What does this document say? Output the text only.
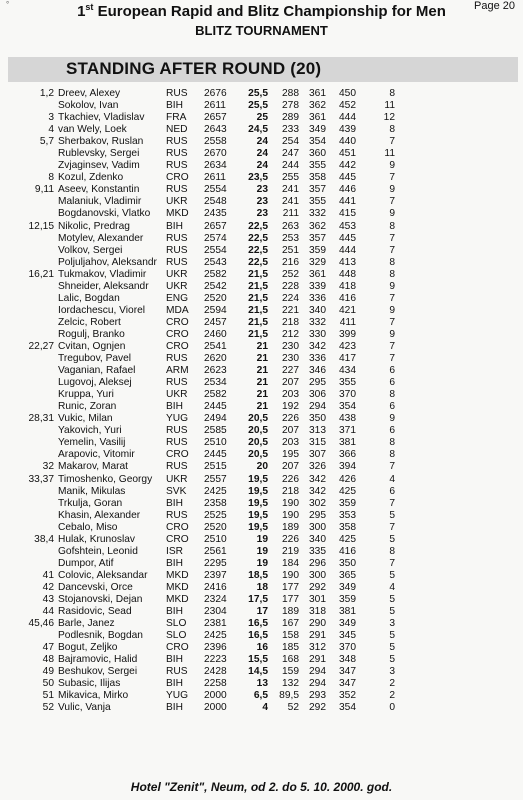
°	1st European Rapid and Blitz Championship for Men	Page 20
BLITZ TOURNAMENT
STANDING AFTER ROUND (20)
1,2 Dreev, Alexey	RUS 2676	25,5	288 361	450	8
Sokolov, Ivan	BIH 2611	25,5	278 362	452	11
3 Tkachiev, Vladislav FRA 2657	25	289 361	444	12
4 van Wely, Loek	NED 2643	24,5	233 349	439	8
5,7 Sherbakov, Ruslan RUS 2558	24	254 354	440	7
Rublevsky, Sergei	RUS 2670	24	247 360	451	11
Zvjaginsev, Vadim	RUS 2634	24	244 355	442	9
8 Kozul, Zdenko	CRO 2611	23,5	255 358	445	7
9,11 Aseev, Konstantin	RUS 2554	23	241 357	446	9
Malaniuk, Vladimir UKR 2548	23	241 355	441	7
Bogdanovski, Vlatko MKD 2435	23	211 332	415	9
12,15 Nikolic, Predrag	BIH 2657	22,5	263 362	453	8
Motylev, Alexander RUS 2574	22,5	253 357	445	7
Volkov, Sergei	RUS 2554	22,5	251 359	444	7
Poljuljahov, Aleksandr RUS 2543	22,5	216 329	413	8
16,21 Tukmakov, Vladimir UKR 2582	21,5	252 361	448	8
Shneider, Aleksandr UKR 2542	21,5	228 339	418	9
Lalic, Bogdan	ENG 2520	21,5	224 336	416	7
Iordachescu, Viorel MDA 2594	21,5	221 340	421	9
Zelcic, Robert	CRO 2457	21,5	218 332	411	7
Rogulj, Branko	CRO 2460	21,5	212 330	399	9
22,27 Cvitan, Ognjen	CRO 2541	21	230 342	423	7
Tregubov, Pavel	RUS 2620	21	230 336	417	7
Vaganian, Rafael	ARM 2623	21	227 346	434	6
Lugovoj, Aleksej	RUS 2534	21	207 295	355	6
Kruppa, Yuri	UKR 2582	21	203 306	370	8
Runic, Zoran	BIH 2445	21	192 294	354	6
28,31 Vukic, Milan	YUG 2494	20,5	226 350	438	9
Yakovich, Yuri	RUS 2585	20,5	207 313	371	6
Yemelin, Vasilij	RUS 2510	20,5	203 315	381	8
Arapovic, Vitomir	CRO 2445	20,5	195 307	366	8
32 Makarov, Marat	RUS 2515	20	207 326	394	7
33,37 Timoshenko, Georgy UKR 2557	19,5	226 342	426	4
Manik, Mikulas	SVK 2425	19,5	218 342	425	6
Trkulja, Goran	BIH 2358	19,5	190 302	359	7
Khasin, Alexander	RUS 2525	19,5	190 295	353	5
Cebalo, Miso	CRO 2520	19,5	189 300	358	7
38,4 Hulak, Krunoslav	CRO 2510	19	226 340	425	5
Gofshtein, Leonid	ISR 2561	19	219 335	416	8
Dumpor, Atif	BIH 2295	19	184 296	350	7
41 Colovic, Aleksandar MKD 2397	18,5	190 300	365	5
42 Dancevski, Orce	MKD 2416	18	177 292	349	4
43 Stojanovski, Dejan MKD 2324	17,5	177 301	359	5
44 Rasidovic, Sead	BIH 2304	17	189 318	381	5
45,46 Barle, Janez	SLO 2381	16,5	167 290	349	3
Podlesnik, Bogdan SLO 2425	16,5	158 291	345	5
47 Bogut, Zeljko	CRO 2396	16	185 312	370	5
48 Bajramovic, Halid	BIH 2223	15,5	168 291	348	5
49 Beshukov, Sergei	RUS 2428	14,5	159 294	347	3
50 Subasic, Ilijas	BIH 2258	13	132 294	347	2
51 Mikavica, Mirko	YUG 2000	6,5	89,5 293	352	2
52 Vulic, Vanja	BIH 2000	4	52 292	354	0
Hotel "Zenit", Neum, od 2. do 5. 10. 2000. god.
